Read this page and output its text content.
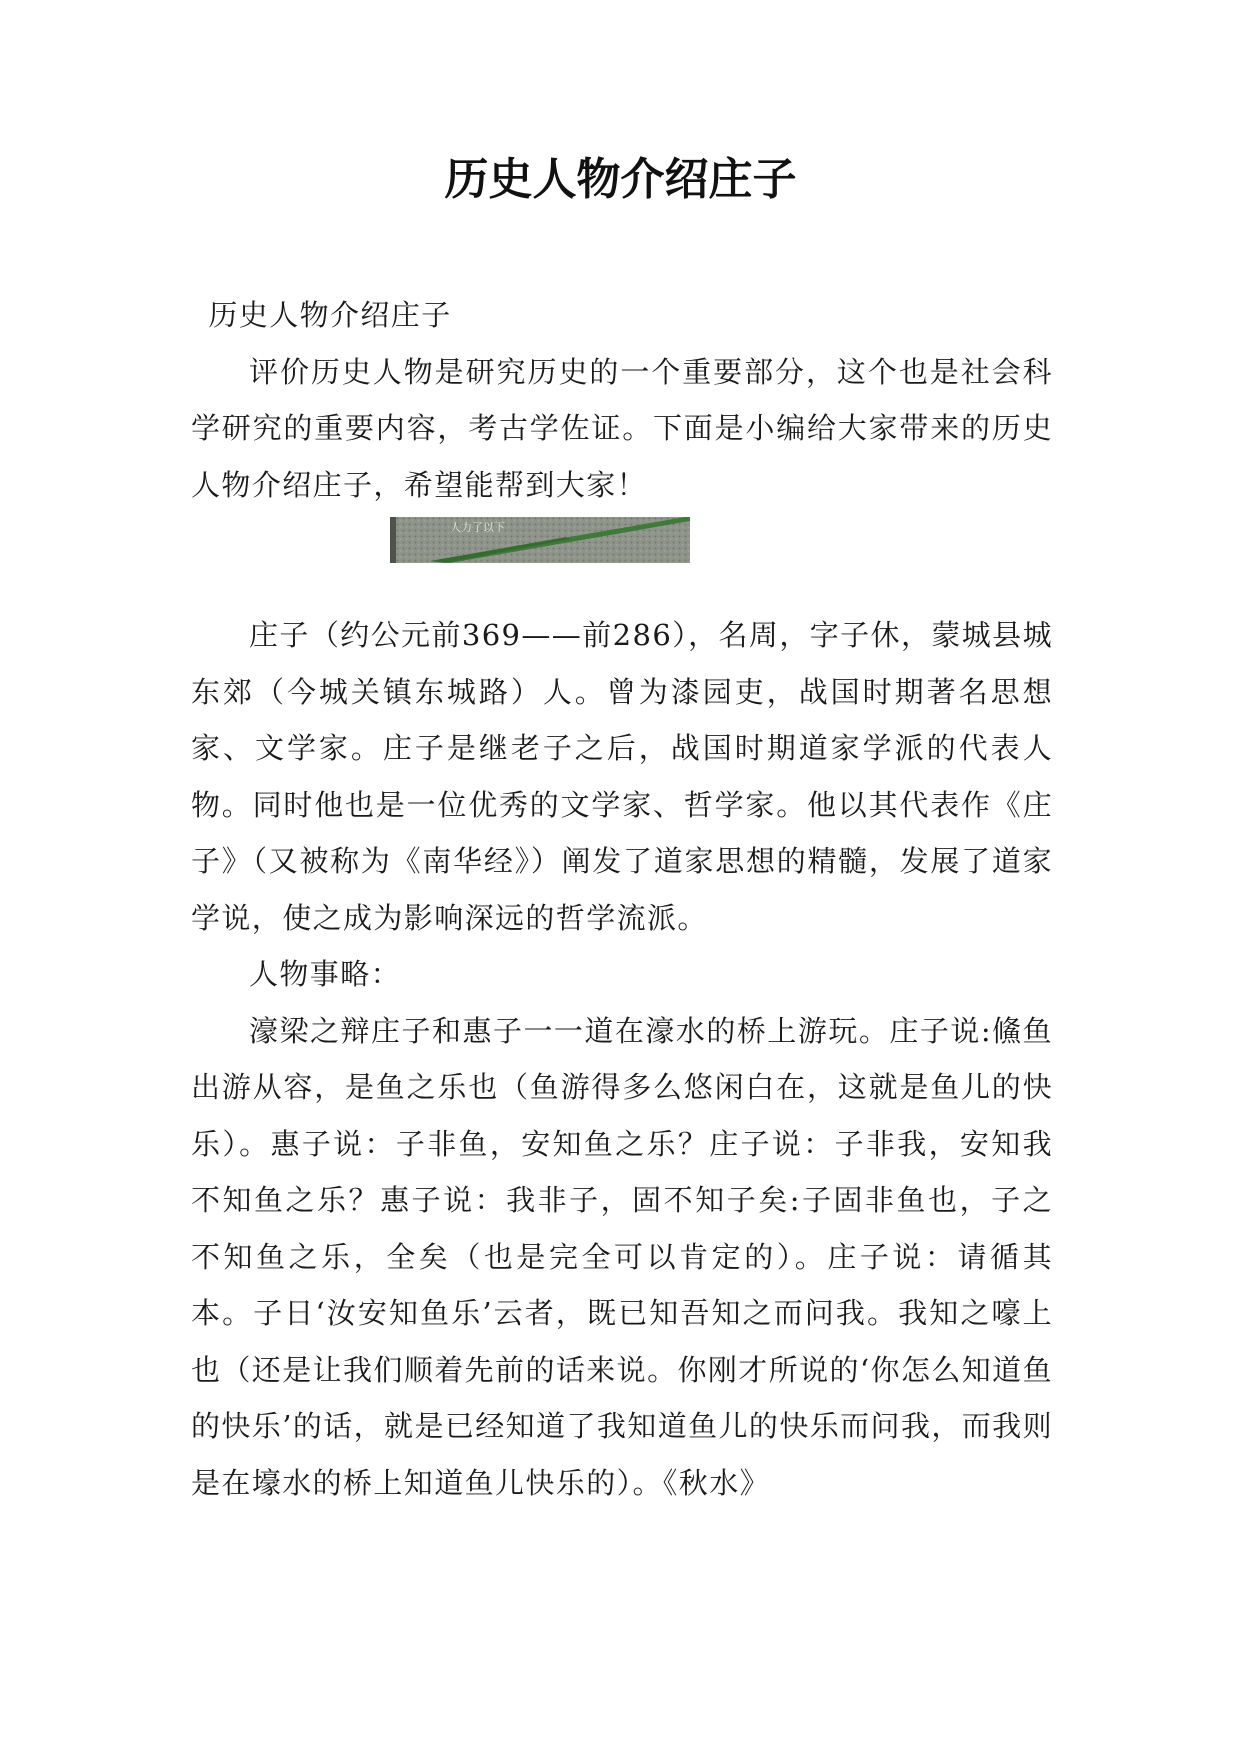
历史人物介绍庄子

历史人物介绍庄子

评价历史人物是研究历史的一个重要部分，这个也是社会科学研究的重要内容，考古学佐证。下面是小编给大家带来的历史人物介绍庄子，希望能帮到大家！

人力了以下

庄子（约公元前369——前286），名周，字子休，蒙城县城东郊（今城关镇东城路）人。曾为漆园吏，战国时期著名思想家、文学家。庄子是继老子之后，战国时期道家学派的代表人物。同时他也是一位优秀的文学家、哲学家。他以其代表作《庄子》（又被称为《南华经》）阐发了道家思想的精髓，发展了道家学说，使之成为影响深远的哲学流派。

人物事略：

濠梁之辩庄子和惠子一一道在濠水的桥上游玩。庄子说:鯈鱼出游从容，是鱼之乐也（鱼游得多么悠闲白在，这就是鱼儿的快乐）。惠子说：子非鱼，安知鱼之乐？庄子说：子非我，安知我不知鱼之乐？惠子说：我非子，固不知子矣:子固非鱼也，子之不知鱼之乐，全矣（也是完全可以肯定的）。庄子说：请循其本。子日‘汝安知鱼乐’云者，既已知吾知之而问我。我知之嚎上也（还是让我们顺着先前的话来说。你刚才所说的‘你怎么知道鱼的快乐’的话，就是已经知道了我知道鱼儿的快乐而问我，而我则是在壕水的桥上知道鱼儿快乐的）。《秋水》
